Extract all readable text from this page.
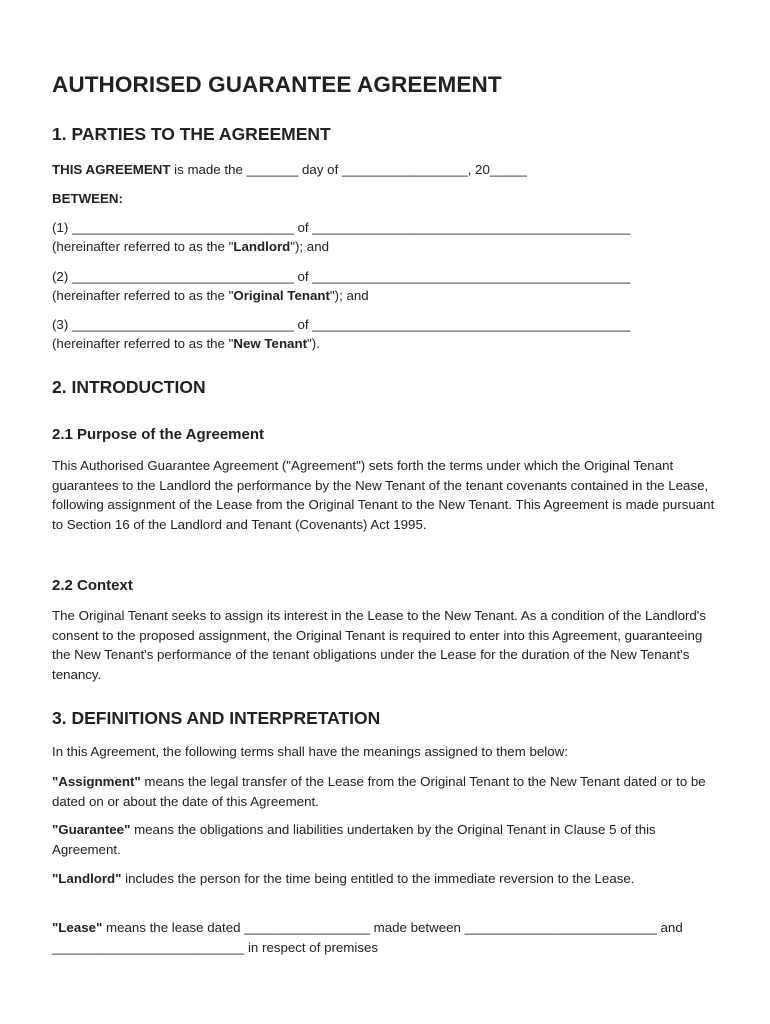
AUTHORISED GUARANTEE AGREEMENT
1. PARTIES TO THE AGREEMENT

THIS AGREEMENT is made the _______ day of _________________, 20_____

BETWEEN:

(1) ______________________________ of ___________________________________________

(hereinafter referred to as the "Landlord"); and

(2) ______________________________ of ___________________________________________

(hereinafter referred to as the "Original Tenant"); and

(3) ______________________________ of ___________________________________________

(hereinafter referred to as the "New Tenant").

2. INTRODUCTION
2.1 Purpose of the Agreement

This Authorised Guarantee Agreement ("Agreement") sets forth the terms under which the Original Tenant guarantees to the Landlord the performance by the New Tenant of the tenant covenants contained in the Lease, following assignment of the Lease from the Original Tenant to the New Tenant. This Agreement is made pursuant to Section 16 of the Landlord and Tenant (Covenants) Act 1995.

2.2 Context

The Original Tenant seeks to assign its interest in the Lease to the New Tenant. As a condition of the Landlord's consent to the proposed assignment, the Original Tenant is required to enter into this Agreement, guaranteeing the New Tenant's performance of the tenant obligations under the Lease for the duration of the New Tenant's tenancy.

3. DEFINITIONS AND INTERPRETATION

In this Agreement, the following terms shall have the meanings assigned to them below:

"Assignment" means the legal transfer of the Lease from the Original Tenant to the New Tenant dated or to be dated on or about the date of this Agreement.

"Guarantee" means the obligations and liabilities undertaken by the Original Tenant in Clause 5 of this Agreement.

"Landlord" includes the person for the time being entitled to the immediate reversion to the Lease.

"Lease" means the lease dated _________________ made between __________________________ and __________________________ in respect of premises
